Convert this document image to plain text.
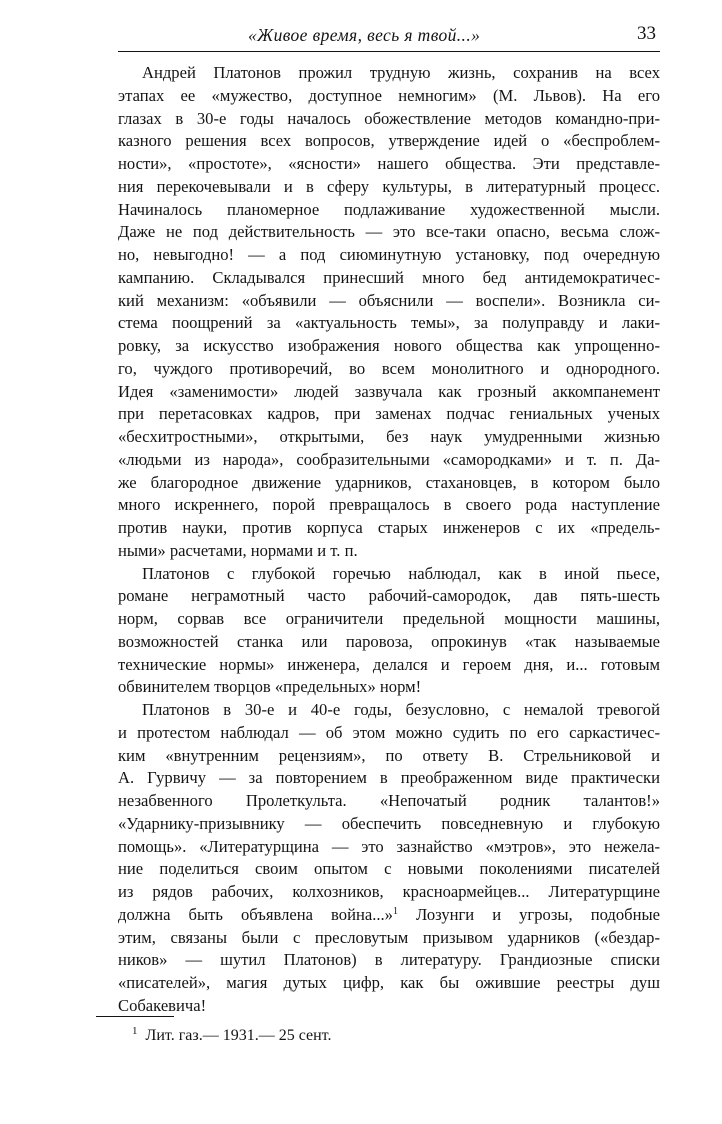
«Живое время, весь я твой...»	33
Андрей Платонов прожил трудную жизнь, сохранив на всех
этапах ее «мужество, доступное немногим» (М. Львов). На его
глазах в 30-е годы началось обожествление методов командно-при-
казного решения всех вопросов, утверждение идей о «беспроблем-
ности», «простоте», «ясности» нашего общества. Эти представле-
ния перекочевывали и в сферу культуры, в литературный процесс.
Начиналось планомерное подлаживание художественной мысли.
Даже не под действительность — это все-таки опасно, весьма слож-
но, невыгодно! — а под сиюминутную установку, под очередную
кампанию. Складывался принесший много бед антидемократичес-
кий механизм: «объявили — объяснили — воспели». Возникла си-
стема поощрений за «актуальность темы», за полуправду и лаки-
ровку, за искусство изображения нового общества как упрощенно-
го, чуждого противоречий, во всем монолитного и однородного.
Идея «заменимости» людей зазвучала как грозный аккомпанемент
при перетасовках кадров, при заменах подчас гениальных ученых
«бесхитростными», открытыми, без наук умудренными жизнью
«людьми из народа», сообразительными «самородками» и т. п. Да-
же благородное движение ударников, стахановцев, в котором было
много искреннего, порой превращалось в своего рода наступление
против науки, против корпуса старых инженеров с их «предель-
ными» расчетами, нормами и т. п.
Платонов с глубокой горечью наблюдал, как в иной пьесе,
романе неграмотный часто рабочий-самородок, дав пять-шесть
норм, сорвав все ограничители предельной мощности машины,
возможностей станка или паровоза, опрокинув «так называемые
технические нормы» инженера, делался и героем дня, и... готовым
обвинителем творцов «предельных» норм!
Платонов в 30-е и 40-е годы, безусловно, с немалой тревогой
и протестом наблюдал — об этом можно судить по его саркастичес-
ким «внутренним рецензиям», по ответу В. Стрельниковой и
А. Гурвичу — за повторением в преображенном виде практически
незабвенного Пролеткульта. «Непочатый родник талантов!»
«Ударнику-призывнику — обеспечить повседневную и глубокую
помощь». «Литературщина — это зазнайство «мэтров», это нежела-
ние поделиться своим опытом с новыми поколениями писателей
из рядов рабочих, колхозников, красноармейцев... Литературщине
должна быть объявлена война...»$^1$ Лозунги и угрозы, подобные
этим, связаны были с пресловутым призывом ударников («бездар-
ников» — шутил Платонов) в литературу. Грандиозные списки
«писателей», магия дутых цифр, как бы ожившие реестры душ
Собакевича!
$^1$ Лит. газ.— 1931.— 25 сент.
